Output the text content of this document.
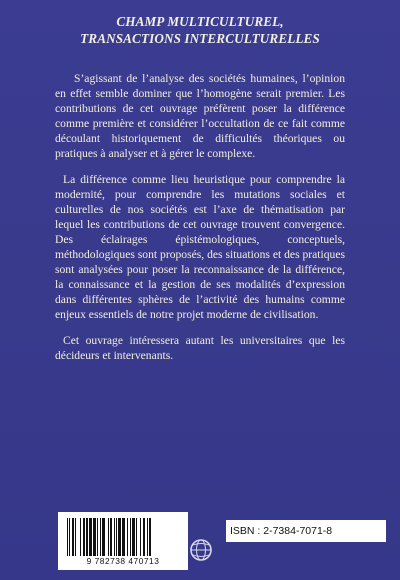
CHAMP MULTICULTUREL,
TRANSACTIONS INTERCULTURELLES

S’agissant de l’analyse des sociétés humaines, l’opinion en effet semble dominer que l’homogène serait premier. Les contributions de cet ouvrage préfèrent poser la différence comme première et considérer l’occultation de ce fait comme découlant historiquement de difficultés théoriques ou pratiques à analyser et à gérer le complexe.

La différence comme lieu heuristique pour comprendre la modernité, pour comprendre les mutations sociales et culturelles de nos sociétés est l’axe de thématisation par lequel les contributions de cet ouvrage trouvent convergence. Des éclairages épistémologiques, conceptuels, méthodologiques sont proposés, des situations et des pratiques sont analysées pour poser la reconnaissance de la différence, la connaissance et la gestion de ses modalités d’expression dans différentes sphères de l’activité des humains comme enjeux essentiels de notre projet moderne de civilisation.

Cet ouvrage intéressera autant les universitaires que les décideurs et intervenants.

9 782738 470713
ISBN : 2-7384-7071-8
